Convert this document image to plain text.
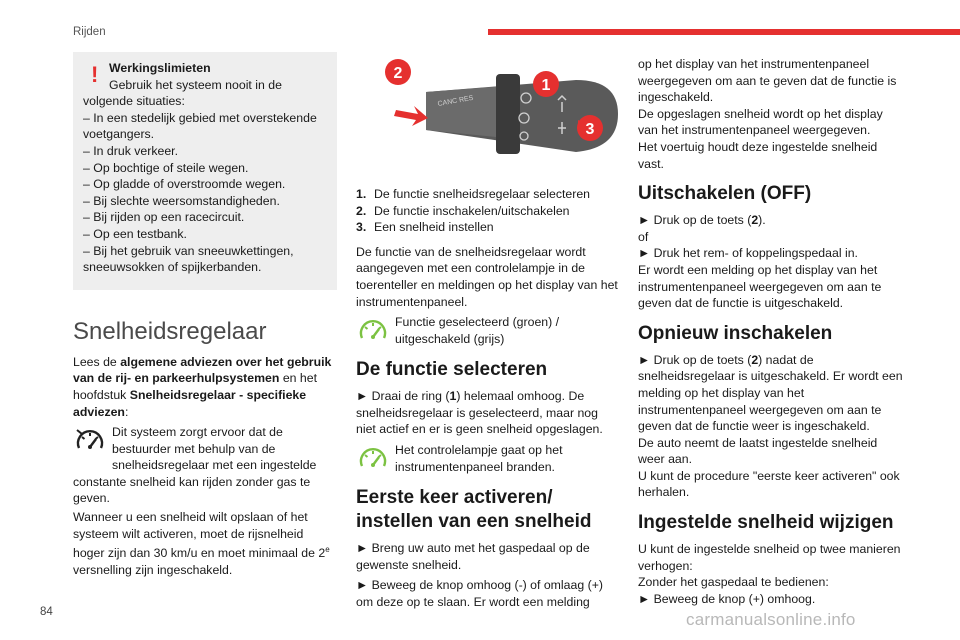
Rijden
! Werkingslimieten

Gebruik het systeem nooit in de

volgende situaties:

– In een stedelijk gebied met overstekende

voetgangers.

– In druk verkeer.

– Op bochtige of steile wegen.

– Op gladde of overstroomde wegen.

– Bij slechte weersomstandigheden.

– Bij rijden op een racecircuit.

– Op een testbank.

– Bij het gebruik van sneeuwkettingen,

sneeuwsokken of spijkerbanden.

Snelheidsregelaar

Lees de algemene adviezen over het gebruik van de rij- en parkeerhulpsystemen en het hoofdstuk Snelheidsregelaar - specifieke adviezen:

Dit systeem zorgt ervoor dat de bestuurder met behulp van de snelheidsregelaar met een ingestelde constante snelheid kan rijden zonder gas te geven.

Wanneer u een snelheid wilt opslaan of het systeem wilt activeren, moet de rijsnelheid hoger zijn dan 30 km/u en moet minimaal de 2e versnelling zijn ingeschakeld.

CANC RES
2
1
3
1. De functie snelheidsregelaar selecteren
2. De functie inschakelen/uitschakelen
3. Een snelheid instellen

De functie van de snelheidsregelaar wordt aangegeven met een controlelampje in de toerenteller en meldingen op het display van het instrumentenpaneel.

Functie geselecteerd (groen) / uitgeschakeld (grijs)
De functie selecteren

► Draai de ring (1) helemaal omhoog. De snelheidsregelaar is geselecteerd, maar nog niet actief en er is geen snelheid opgeslagen.

Het controlelampje gaat op het instrumentenpaneel branden.
Eerste keer activeren/ instellen van een snelheid

► Breng uw auto met het gaspedaal op de gewenste snelheid.

► Beweeg de knop omhoog (-) of omlaag (+) om deze op te slaan. Er wordt een melding

op het display van het instrumentenpaneel weergegeven om aan te geven dat de functie is ingeschakeld.

De opgeslagen snelheid wordt op het display van het instrumentenpaneel weergegeven.

Het voertuig houdt deze ingestelde snelheid vast.

Uitschakelen (OFF)

► Druk op de toets (2).

of

► Druk het rem- of koppelingspedaal in.

Er wordt een melding op het display van het instrumentenpaneel weergegeven om aan te geven dat de functie is uitgeschakeld.

Opnieuw inschakelen

► Druk op de toets (2) nadat de snelheidsregelaar is uitgeschakeld. Er wordt een melding op het display van het instrumentenpaneel weergegeven om aan te geven dat de functie weer is ingeschakeld.

De auto neemt de laatst ingestelde snelheid weer aan.

U kunt de procedure "eerste keer activeren" ook herhalen.

Ingestelde snelheid wijzigen

U kunt de ingestelde snelheid op twee manieren verhogen:

Zonder het gaspedaal te bedienen:

► Beweeg de knop (+) omhoog.

84	carmanualsonline.info
